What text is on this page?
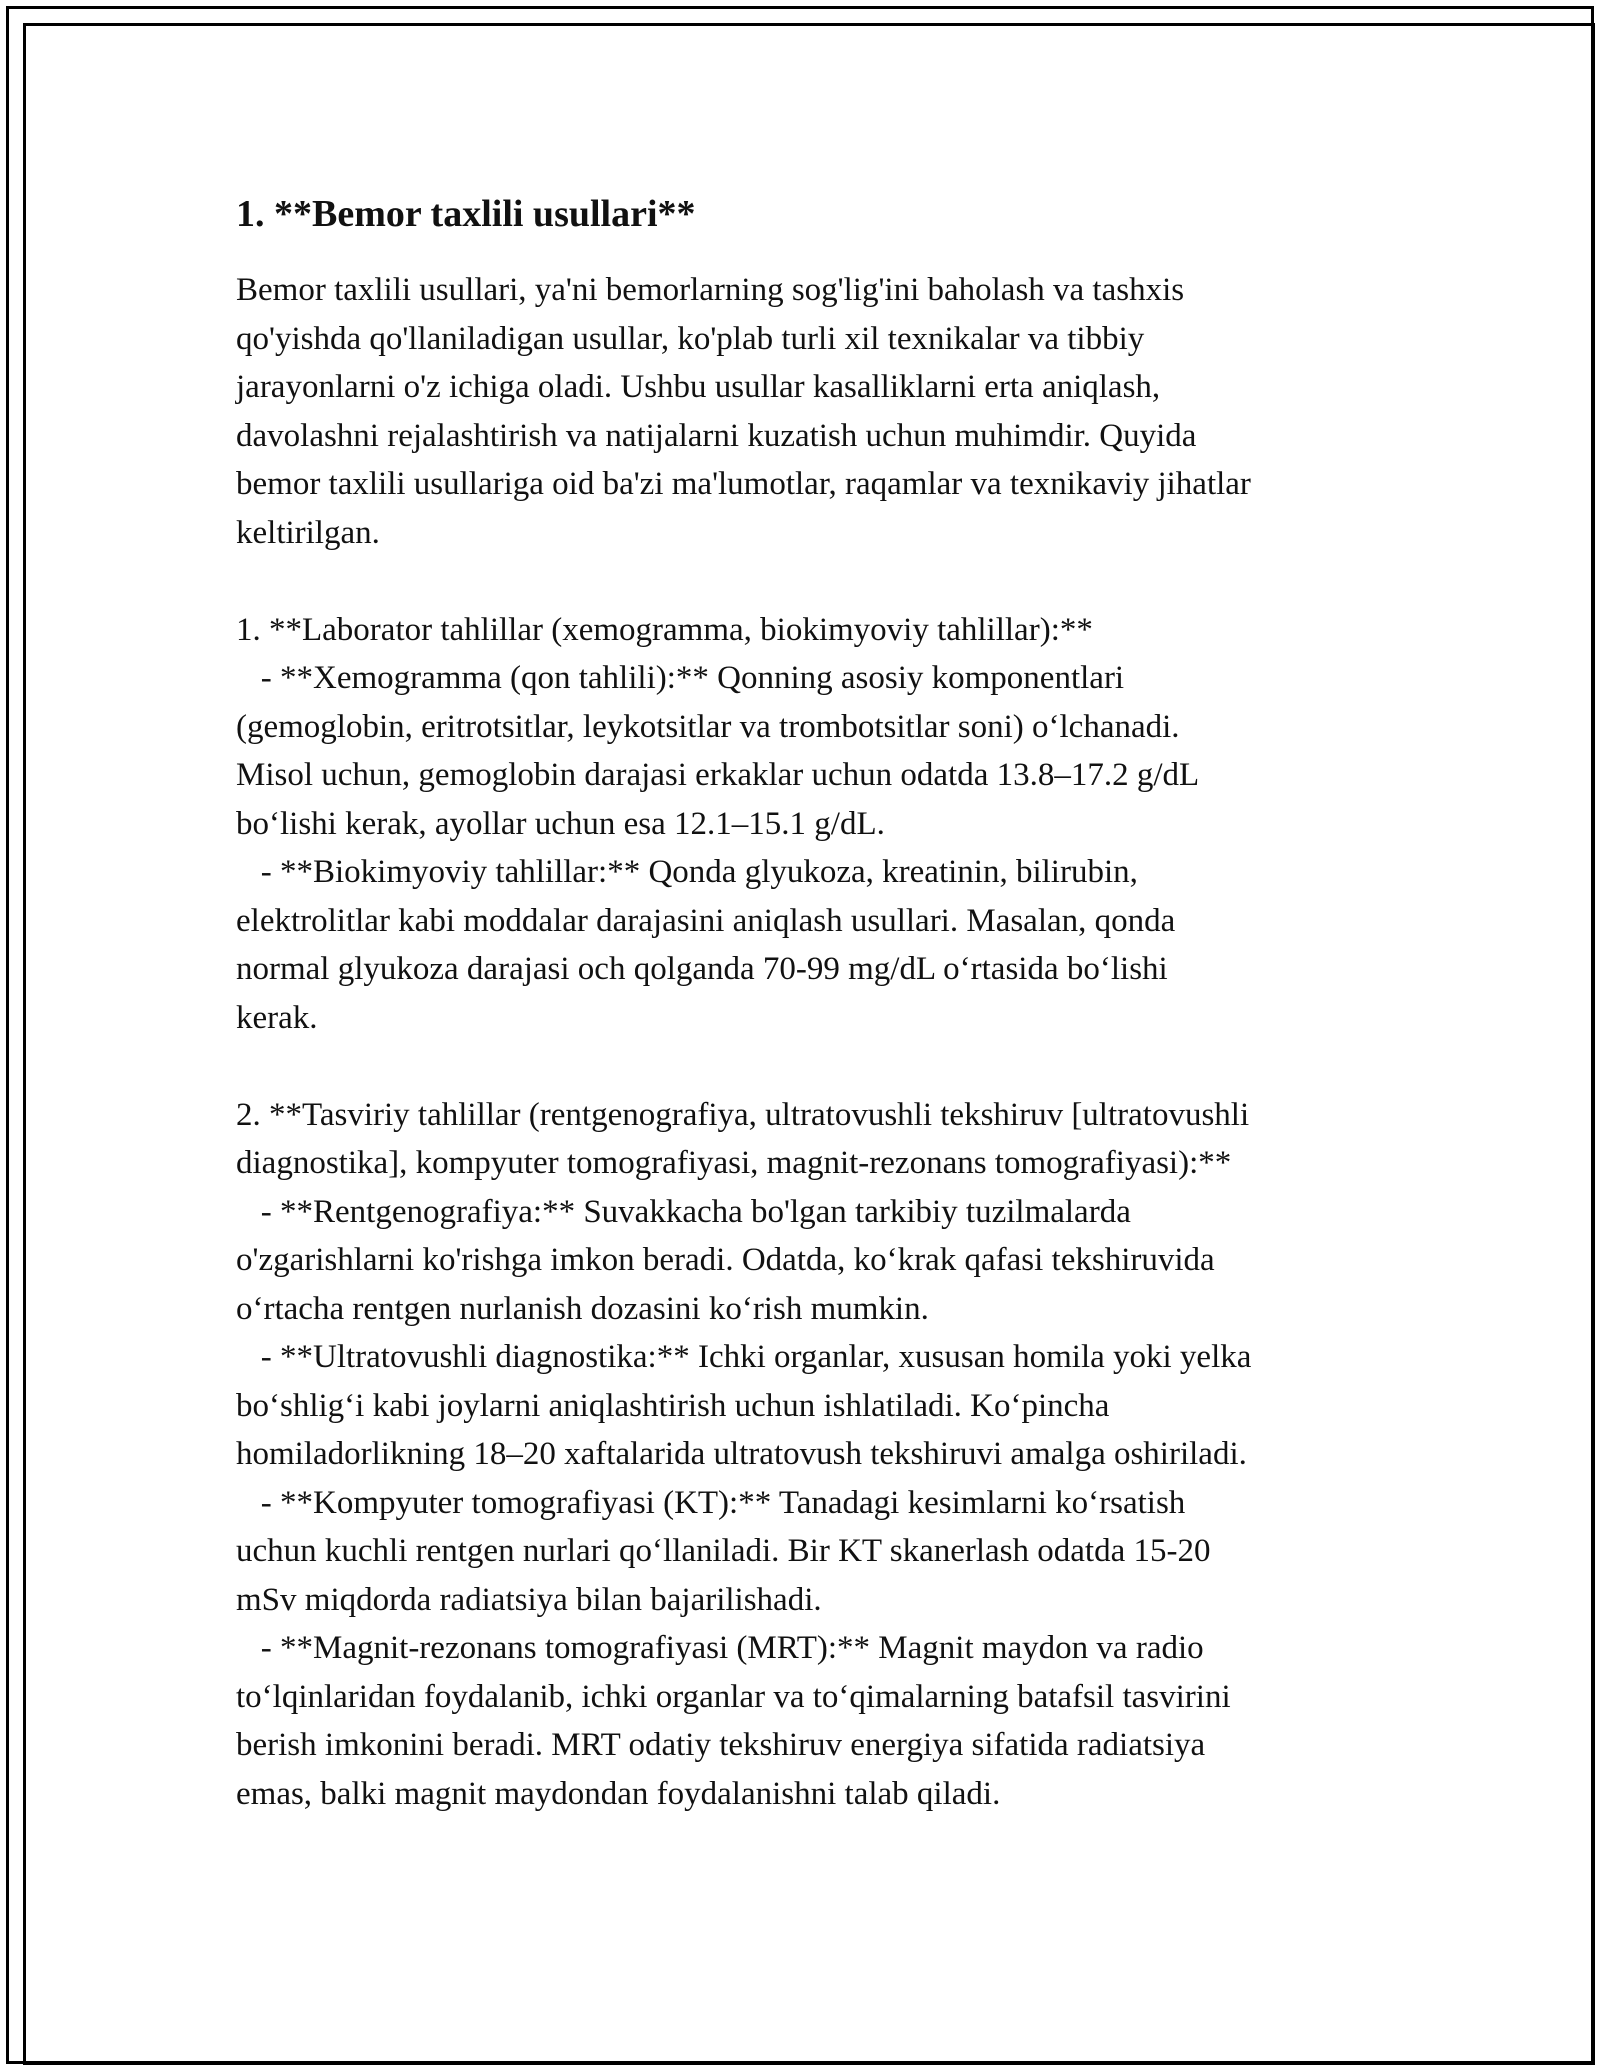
1. **Bemor taxlili usullari**

Bemor taxlili usullari, ya'ni bemorlarning sog'lig'ini baholash va tashxis
qo'yishda qo'llaniladigan usullar, ko'plab turli xil texnikalar va tibbiy
jarayonlarni o'z ichiga oladi. Ushbu usullar kasalliklarni erta aniqlash,
davolashni rejalashtirish va natijalarni kuzatish uchun muhimdir. Quyida
bemor taxlili usullariga oid ba'zi ma'lumotlar, raqamlar va texnikaviy jihatlar
keltirilgan.

1. **Laborator tahlillar (xemogramma, biokimyoviy tahlillar):**
- **Xemogramma (qon tahlili):** Qonning asosiy komponentlari
(gemoglobin, eritrotsitlar, leykotsitlar va trombotsitlar soni) o‘lchanadi.
Misol uchun, gemoglobin darajasi erkaklar uchun odatda 13.8–17.2 g/dL
bo‘lishi kerak, ayollar uchun esa 12.1–15.1 g/dL.
- **Biokimyoviy tahlillar:** Qonda glyukoza, kreatinin, bilirubin,
elektrolitlar kabi moddalar darajasini aniqlash usullari. Masalan, qonda
normal glyukoza darajasi och qolganda 70-99 mg/dL o‘rtasida bo‘lishi
kerak.

2. **Tasviriy tahlillar (rentgenografiya, ultratovushli tekshiruv [ultratovushli
diagnostika], kompyuter tomografiyasi, magnit-rezonans tomografiyasi):**
- **Rentgenografiya:** Suvakkacha bo'lgan tarkibiy tuzilmalarda
o'zgarishlarni ko'rishga imkon beradi. Odatda, ko‘krak qafasi tekshiruvida
o‘rtacha rentgen nurlanish dozasini ko‘rish mumkin.
- **Ultratovushli diagnostika:** Ichki organlar, xususan homila yoki yelka
bo‘shlig‘i kabi joylarni aniqlashtirish uchun ishlatiladi. Ko‘pincha
homiladorlikning 18–20 xaftalarida ultratovush tekshiruvi amalga oshiriladi.
- **Kompyuter tomografiyasi (KT):** Tanadagi kesimlarni ko‘rsatish
uchun kuchli rentgen nurlari qo‘llaniladi. Bir KT skanerlash odatda 15-20
mSv miqdorda radiatsiya bilan bajarilishadi.
- **Magnit-rezonans tomografiyasi (MRT):** Magnit maydon va radio
to‘lqinlaridan foydalanib, ichki organlar va to‘qimalarning batafsil tasvirini
berish imkonini beradi. MRT odatiy tekshiruv energiya sifatida radiatsiya
emas, balki magnit maydondan foydalanishni talab qiladi.
